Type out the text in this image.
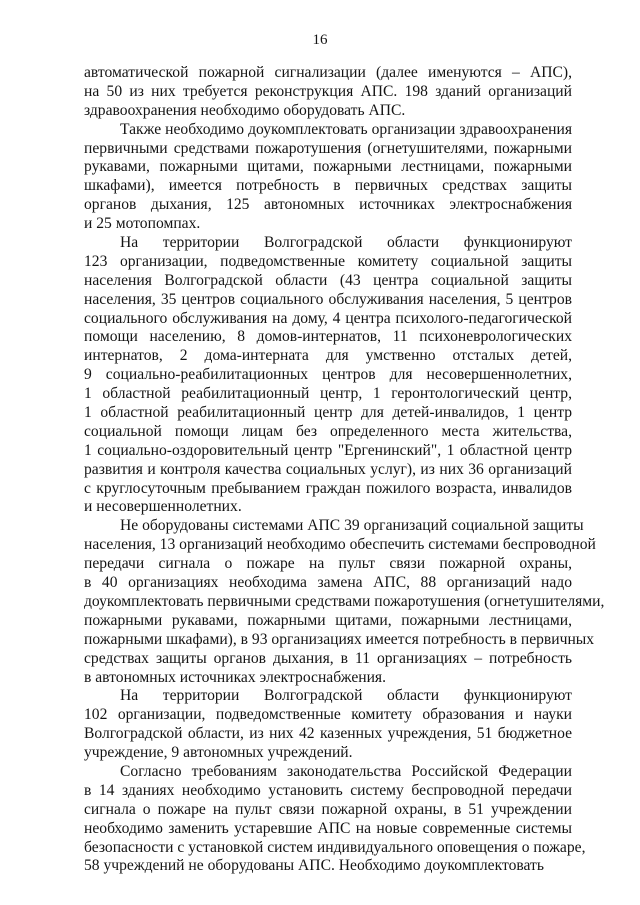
16
автоматической пожарной сигнализации (далее именуются – АПС),
на 50 из них требуется реконструкция АПС. 198 зданий организаций
здравоохранения необходимо оборудовать АПС.
Также необходимо доукомплектовать организации здравоохранения
первичными средствами пожаротушения (огнетушителями, пожарными
рукавами, пожарными щитами, пожарными лестницами, пожарными
шкафами), имеется потребность в первичных средствах защиты
органов дыхания, 125 автономных источниках электроснабжения
и 25 мотопомпах.
На территории Волгоградской области функционируют
123 организации, подведомственные комитету социальной защиты
населения Волгоградской области (43 центра социальной защиты
населения, 35 центров социального обслуживания населения, 5 центров
социального обслуживания на дому, 4 центра психолого-педагогической
помощи населению, 8 домов-интернатов, 11 психоневрологических
интернатов, 2 дома-интерната для умственно отсталых детей,
9 социально-реабилитационных центров для несовершеннолетних,
1 областной реабилитационный центр, 1 геронтологический центр,
1 областной реабилитационный центр для детей-инвалидов, 1 центр
социальной помощи лицам без определенного места жительства,
1 социально-оздоровительный центр "Ергенинский", 1 областной центр
развития и контроля качества социальных услуг), из них 36 организаций
с круглосуточным пребыванием граждан пожилого возраста, инвалидов
и несовершеннолетних.
Не оборудованы системами АПС 39 организаций социальной защиты
населения, 13 организаций необходимо обеспечить системами беспроводной
передачи сигнала о пожаре на пульт связи пожарной охраны,
в 40 организациях необходима замена АПС, 88 организаций надо
доукомплектовать первичными средствами пожаротушения (огнетушителями,
пожарными рукавами, пожарными щитами, пожарными лестницами,
пожарными шкафами), в 93 организациях имеется потребность в первичных
средствах защиты органов дыхания, в 11 организациях – потребность
в автономных источниках электроснабжения.
На территории Волгоградской области функционируют
102 организации, подведомственные комитету образования и науки
Волгоградской области, из них 42 казенных учреждения, 51 бюджетное
учреждение, 9 автономных учреждений.
Согласно требованиям законодательства Российской Федерации
в 14 зданиях необходимо установить систему беспроводной передачи
сигнала о пожаре на пульт связи пожарной охраны, в 51 учреждении
необходимо заменить устаревшие АПС на новые современные системы
безопасности с установкой систем индивидуального оповещения о пожаре,
58 учреждений не оборудованы АПС. Необходимо доукомплектовать
